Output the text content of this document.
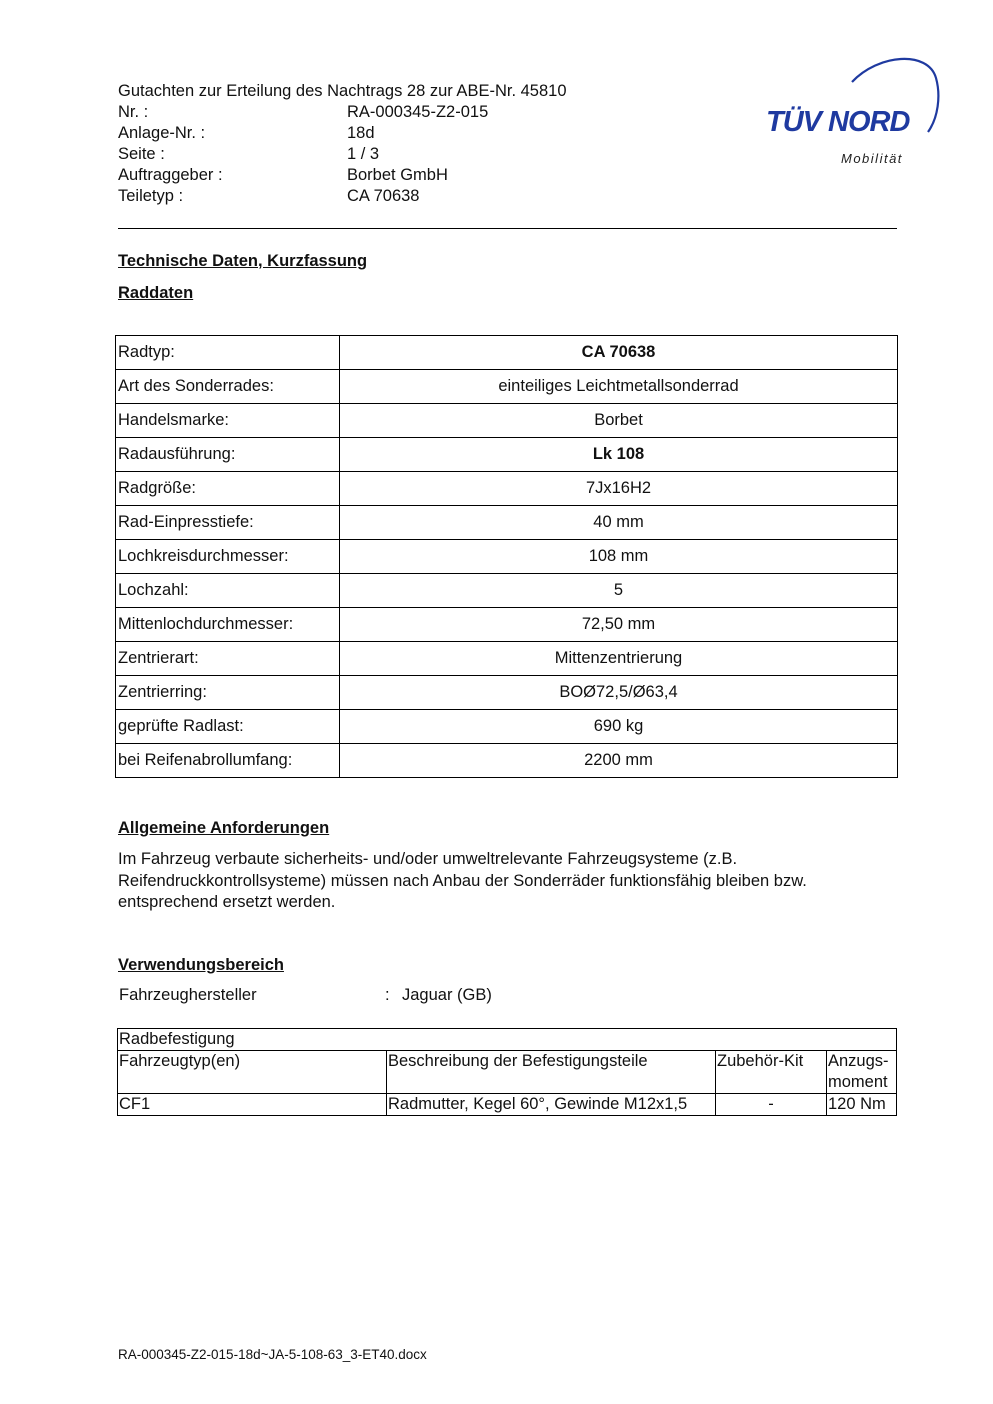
Gutachten zur Erteilung des Nachtrags 28 zur ABE-Nr. 45810
Nr. :	RA-000345-Z2-015
Anlage-Nr. :	18d
Seite :	1 / 3
Auftraggeber :	Borbet GmbH
Teiletyp :	CA 70638
TÜV NORD
Mobilität
Technische Daten, Kurzfassung
Raddaten
Radtyp:	CA 70638
Art des Sonderrades:	einteiliges Leichtmetallsonderrad
Handelsmarke:	Borbet
Radausführung:	Lk 108
Radgröße:	7Jx16H2
Rad-Einpresstiefe:	40 mm
Lochkreisdurchmesser:	108 mm
Lochzahl:	5
Mittenlochdurchmesser:	72,50 mm
Zentrierart:	Mittenzentrierung
Zentrierring:	BOØ72,5/Ø63,4
geprüfte Radlast:	690 kg
bei Reifenabrollumfang:	2200 mm
Allgemeine Anforderungen
Im Fahrzeug verbaute sicherheits- und/oder umweltrelevante Fahrzeugsysteme (z.B. Reifendruckkontrollsysteme) müssen nach Anbau der Sonderräder funktionsfähig bleiben bzw. entsprechend ersetzt werden.
Verwendungsbereich
Fahrzeughersteller	: Jaguar (GB)
Radbefestigung			
Fahrzeugtyp(en)	Beschreibung der Befestigungsteile	Zubehör-Kit	Anzugs-
moment
CF1	Radmutter, Kegel 60°, Gewinde M12x1,5	-	120 Nm
RA-000345-Z2-015-18d~JA-5-108-63_3-ET40.docx
